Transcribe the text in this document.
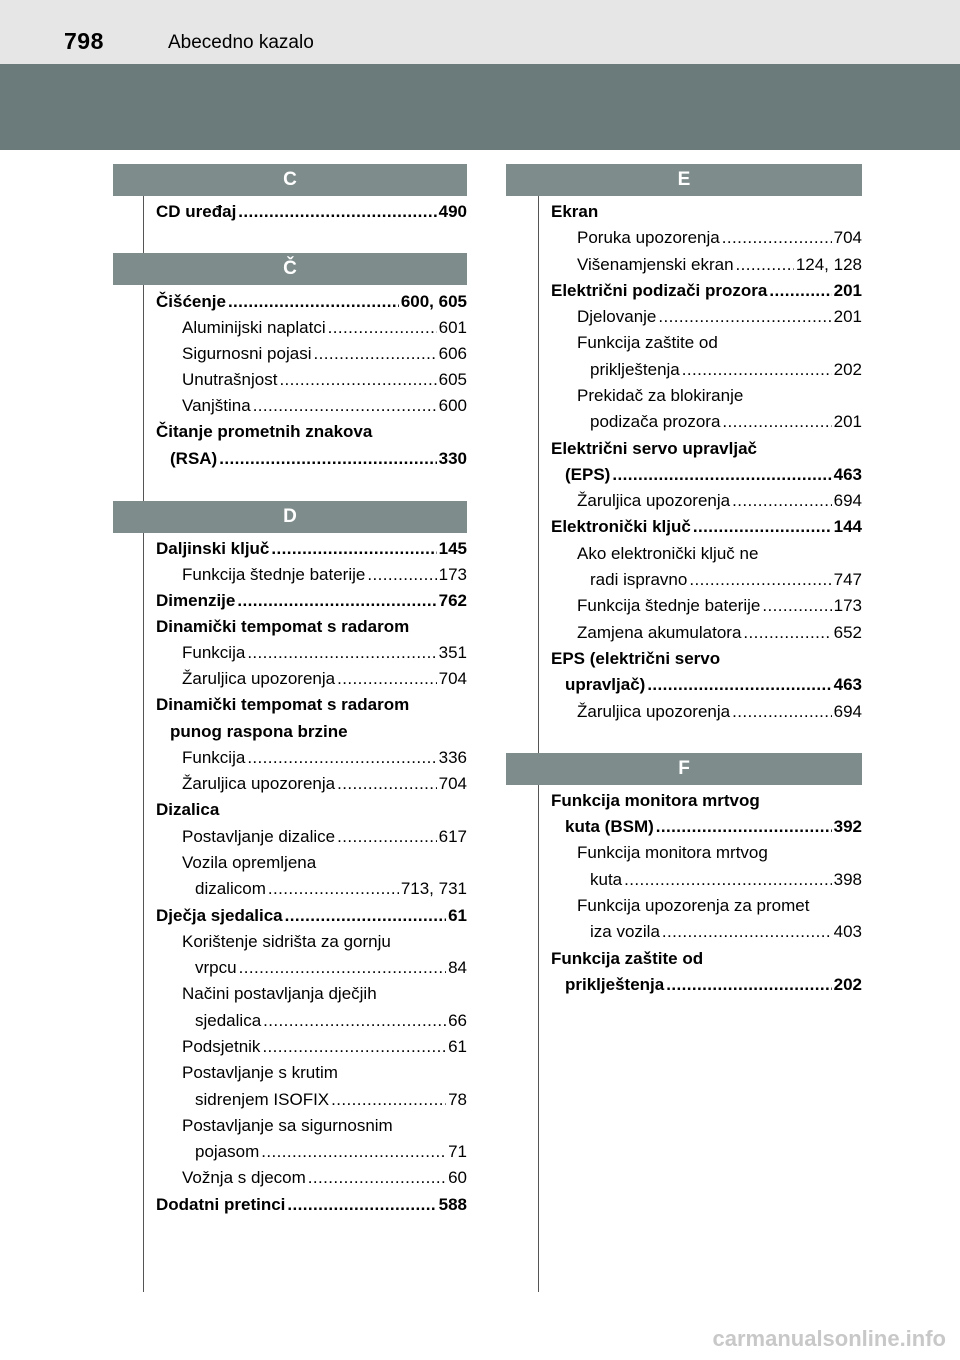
798	Abecedno kazalo
C
CD uređaj .....	490
Č
Čišćenje .....	600, 605
Aluminijski naplatci .....	601
Sigurnosni pojasi .....	606
Unutrašnjost .....	605
Vanjština .....	600
Čitanje prometnih znakova
(RSA) .....	330
D
Daljinski ključ .....	145
Funkcija štednje baterije .....	173
Dimenzije .....	762
Dinamički tempomat s radarom
Funkcija .....	351
Žaruljica upozorenja .....	704
Dinamički tempomat s radarom
punog raspona brzine
Funkcija .....	336
Žaruljica upozorenja .....	704
Dizalica
Postavljanje dizalice .....	617
Vozila opremljena
dizalicom .....	713, 731
Dječja sjedalica .....	61
Korištenje sidrišta za gornju
vrpcu .....	84
Načini postavljanja dječjih
sjedalica .....	66
Podsjetnik .....	61
Postavljanje s krutim
sidrenjem ISOFIX .....	78
Postavljanje sa sigurnosnim
pojasom .....	71
Vožnja s djecom .....	60
Dodatni pretinci .....	588
E
Ekran
Poruka upozorenja .....	704
Višenamjenski ekran .....	124, 128
Električni podizači prozora .....	201
Djelovanje .....	201
Funkcija zaštite od
priklještenja .....	202
Prekidač za blokiranje
podizača prozora .....	201
Električni servo upravljač
(EPS) .....	463
Žaruljica upozorenja .....	694
Elektronički ključ .....	144
Ako elektronički ključ ne
radi ispravno .....	747
Funkcija štednje baterije .....	173
Zamjena akumulatora .....	652
EPS (električni servo
upravljač) .....	463
Žaruljica upozorenja .....	694
F
Funkcija monitora mrtvog
kuta (BSM) .....	392
Funkcija monitora mrtvog
kuta .....	398
Funkcija upozorenja za promet
iza vozila .....	403
Funkcija zaštite od
priklještenja .....	202
carmanualsonline.info
